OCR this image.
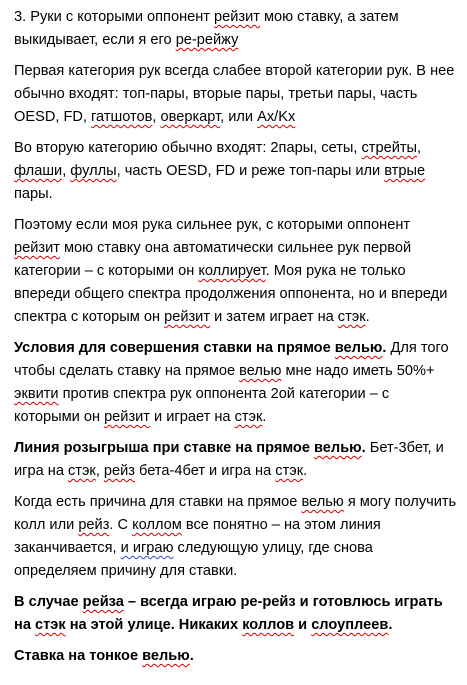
3. Руки с которыми оппонент рейзит мою ставку, а затем выкидывает, если я его ре-рейжу

Первая категория рук всегда слабее второй категории рук. В нее обычно входят: топ-пары, вторые пары, третьи пары, часть OESD, FD, гатшотов, оверкарт, или Ax/Kx

Во вторую категорию обычно входят: 2пары, сеты, стрейты, флаши, фуллы, часть OESD, FD и реже топ-пары или втрые пары.

Поэтому если моя рука сильнее рук, с которыми оппонент рейзит мою ставку она автоматически сильнее рук первой категории – с которыми он коллирует. Моя рука не только впереди общего спектра продолжения оппонента, но и впереди спектра с которым он рейзит и затем играет на стэк.

Условия для совершения ставки на прямое велью. Для того чтобы сделать ставку на прямое велью мне надо иметь 50%+ эквити против спектра рук оппонента 2ой категории – с которыми он рейзит и играет на стэк.

Линия розыгрыша при ставке на прямое велью. Бет-3бет, и игра на стэк, рейз бета-4бет и игра на стэк.

Когда есть причина для ставки на прямое велью я могу получить колл или рейз. С коллом все понятно – на этом линия заканчивается, и играю следующую улицу, где снова определяем причину для ставки.

В случае рейза – всегда играю ре-рейз и готовлюсь играть на стэк на этой улице. Никаких коллов и слоуплеев.

Ставка на тонкое велью.
